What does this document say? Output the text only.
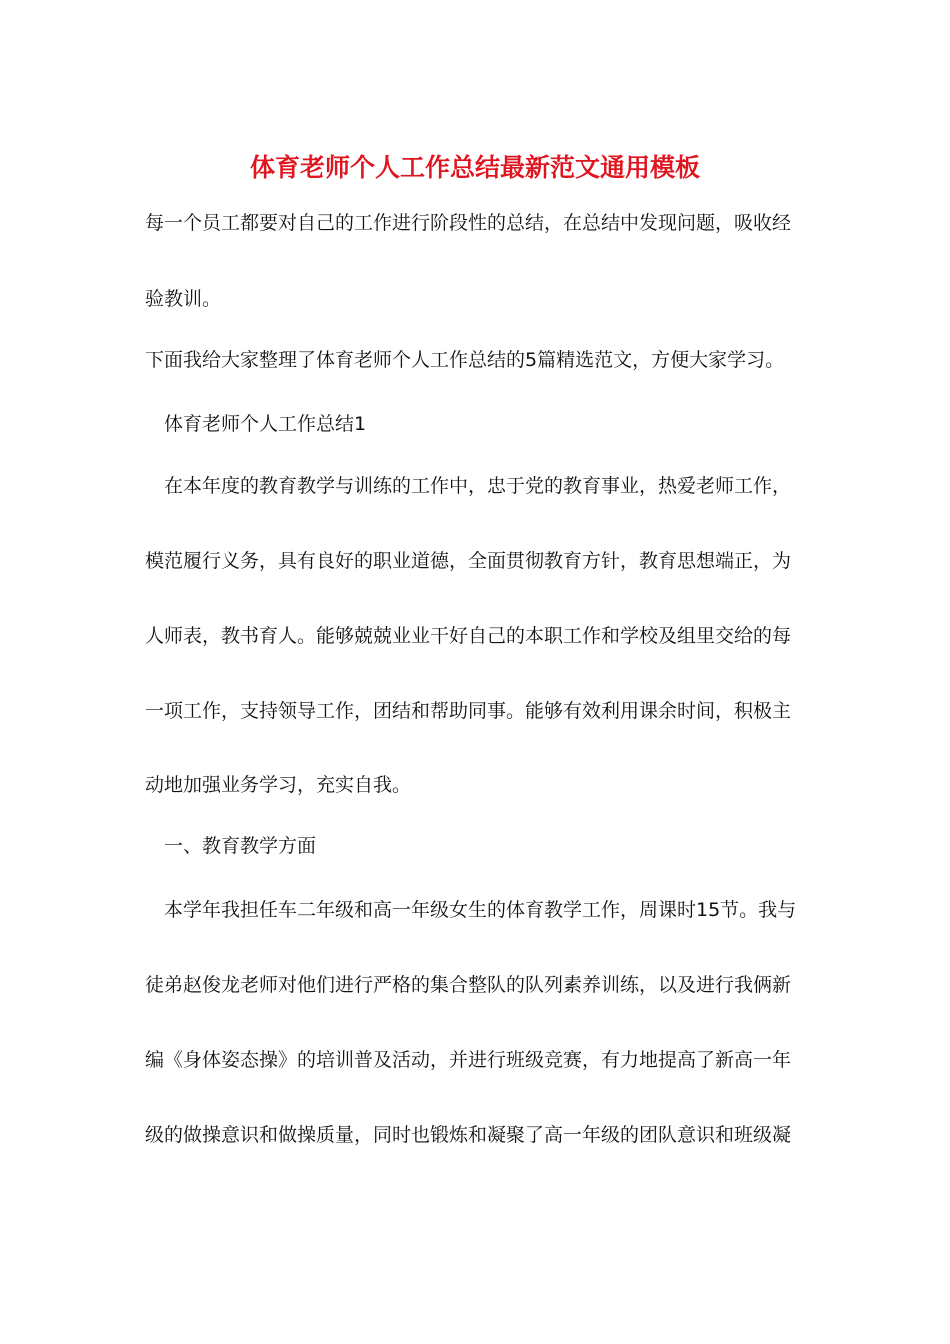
体育老师个人工作总结最新范文通用模板
每一个员工都要对自己的工作进行阶段性的总结，在总结中发现问题，吸收经
验教训。
下面我给大家整理了体育老师个人工作总结的5篇精选范文，方便大家学习。
体育老师个人工作总结1
在本年度的教育教学与训练的工作中，忠于党的教育事业，热爱老师工作，
模范履行义务，具有良好的职业道德，全面贯彻教育方针，教育思想端正，为
人师表，教书育人。能够兢兢业业干好自己的本职工作和学校及组里交给的每
一项工作，支持领导工作，团结和帮助同事。能够有效利用课余时间，积极主
动地加强业务学习，充实自我。
一、教育教学方面
本学年我担任车二年级和高一年级女生的体育教学工作，周课时15节。我与
徒弟赵俊龙老师对他们进行严格的集合整队的队列素养训练，以及进行我俩新
编《身体姿态操》的培训普及活动，并进行班级竞赛，有力地提高了新高一年
级的做操意识和做操质量，同时也锻炼和凝聚了高一年级的团队意识和班级凝
